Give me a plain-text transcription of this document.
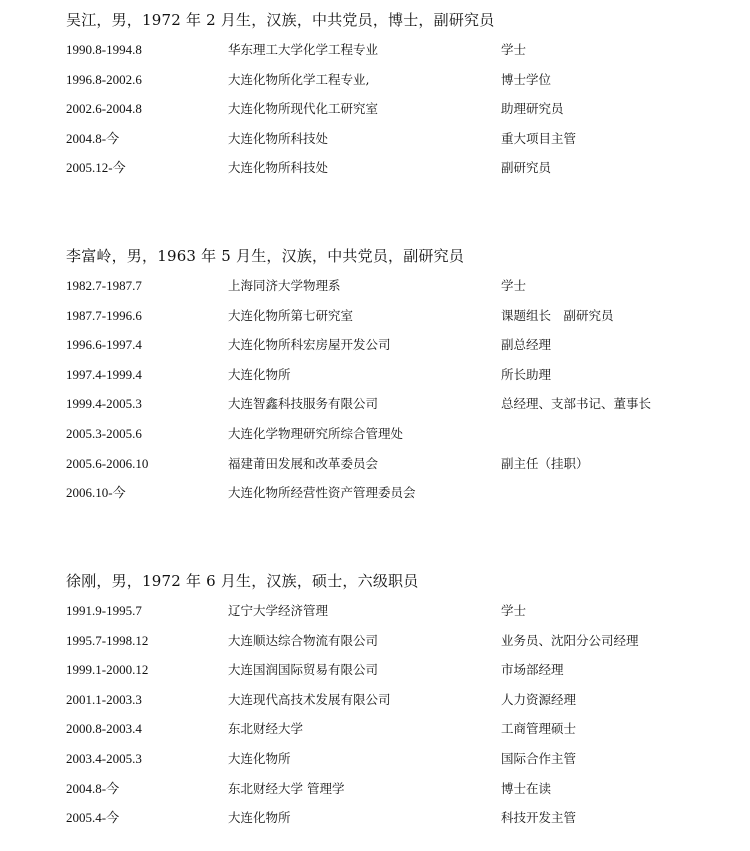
吴江，男，1972 年 2 月生，汉族，中共党员，博士，副研究员
1990.8-1994.8	华东理工大学化学工程专业	学士
1996.8-2002.6	大连化物所化学工程专业,	博士学位
2002.6-2004.8	大连化物所现代化工研究室	助理研究员
2004.8-今	大连化物所科技处	重大项目主管
2005.12-今	大连化物所科技处	副研究员
李富岭，男，1963 年 5 月生，汉族，中共党员，副研究员
1982.7-1987.7	上海同济大学物理系	学士
1987.7-1996.6	大连化物所第七研究室	课题组长　副研究员
1996.6-1997.4	大连化物所科宏房屋开发公司	副总经理
1997.4-1999.4	大连化物所	所长助理
1999.4-2005.3	大连智鑫科技服务有限公司	总经理、支部书记、董事长
2005.3-2005.6	大连化学物理研究所综合管理处
2005.6-2006.10	福建莆田发展和改革委员会	副主任（挂职）
2006.10-今	大连化物所经营性资产管理委员会
徐刚，男，1972 年 6 月生，汉族，硕士，六级职员
1991.9-1995.7	辽宁大学经济管理	学士
1995.7-1998.12	大连顺达综合物流有限公司	业务员、沈阳分公司经理
1999.1-2000.12	大连国润国际贸易有限公司	市场部经理
2001.1-2003.3	大连现代高技术发展有限公司	人力资源经理
2000.8-2003.4	东北财经大学	工商管理硕士
2003.4-2005.3	大连化物所	国际合作主管
2004.8-今	东北财经大学 管理学	博士在读
2005.4-今	大连化物所	科技开发主管
